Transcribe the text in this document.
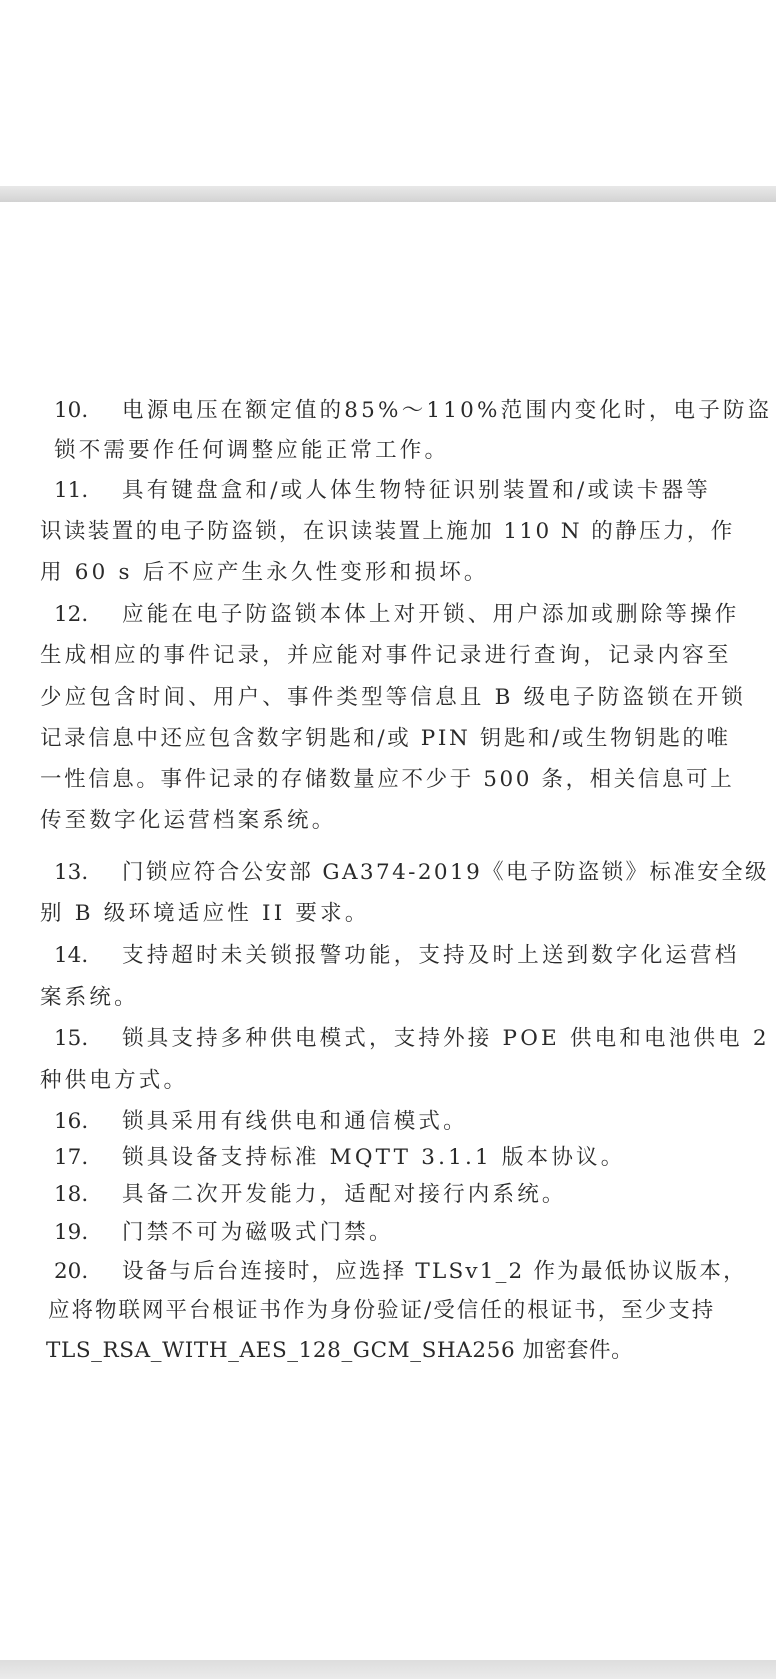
10. 电源电压在额定值的85%～110%范围内变化时，电子防盗
锁不需要作任何调整应能正常工作。
11. 具有键盘盒和/或人体生物特征识别装置和/或读卡器等
识读装置的电子防盗锁，在识读装置上施加 110 N 的静压力，作
用 60 s 后不应产生永久性变形和损坏。
12. 应能在电子防盗锁本体上对开锁、用户添加或删除等操作
生成相应的事件记录，并应能对事件记录进行查询，记录内容至
少应包含时间、用户、事件类型等信息且 B 级电子防盗锁在开锁
记录信息中还应包含数字钥匙和/或 PIN 钥匙和/或生物钥匙的唯
一性信息。事件记录的存储数量应不少于 500 条，相关信息可上
传至数字化运营档案系统。
13. 门锁应符合公安部 GA374-2019《电子防盗锁》标准安全级
别 B 级环境适应性 II 要求。
14. 支持超时未关锁报警功能，支持及时上送到数字化运营档
案系统。
15. 锁具支持多种供电模式，支持外接 POE 供电和电池供电 2
种供电方式。
16. 锁具采用有线供电和通信模式。
17. 锁具设备支持标准 MQTT 3.1.1 版本协议。
18. 具备二次开发能力，适配对接行内系统。
19. 门禁不可为磁吸式门禁。
20. 设备与后台连接时，应选择 TLSv1_2 作为最低协议版本，
应将物联网平台根证书作为身份验证/受信任的根证书，至少支持
TLS_RSA_WITH_AES_128_GCM_SHA256 加密套件。
